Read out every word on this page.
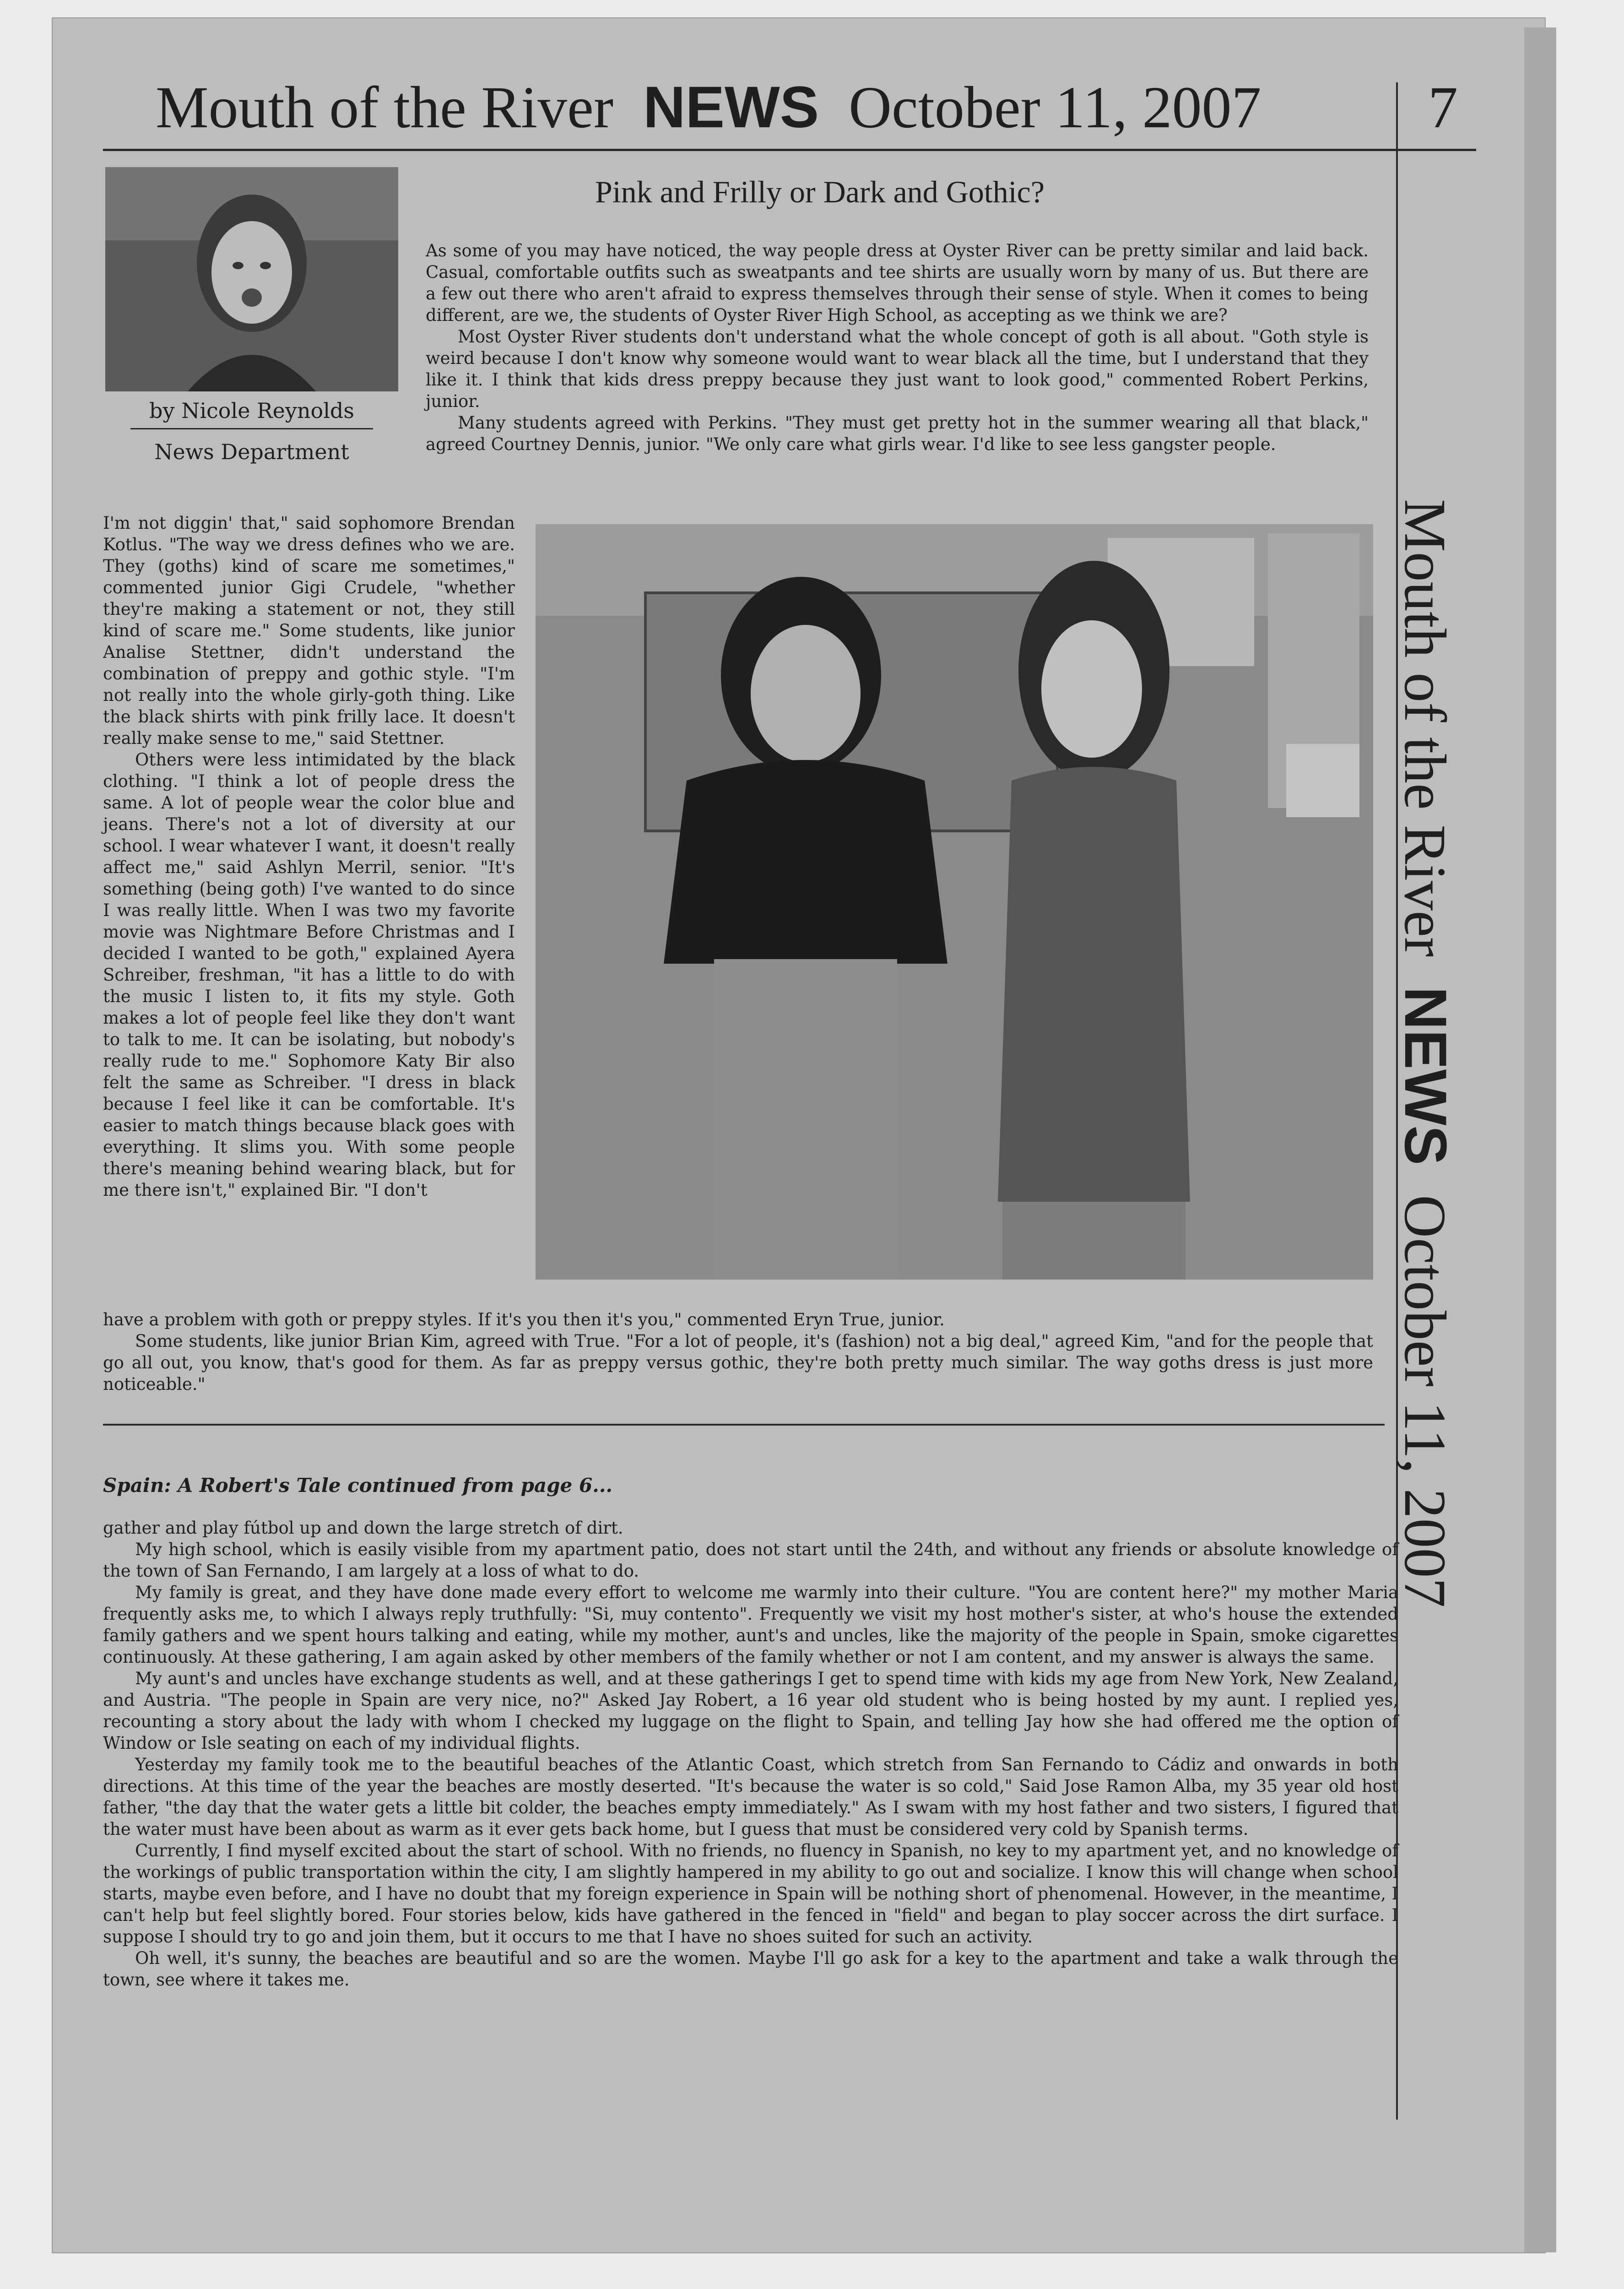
Mouth of the River NEWS October 11, 2007	7
Mouth of the River  NEWS  October 11, 2007
by Nicole Reynolds
News Department
Pink and Frilly or Dark and Gothic?

As some of you may have noticed, the way people dress at Oyster River can be pretty similar and laid back. Casual, comfortable outfits such as sweatpants and tee shirts are usually worn by many of us. But there are a few out there who aren't afraid to express themselves through their sense of style. When it comes to being different, are we, the students of Oyster River High School, as accepting as we think we are?

Most Oyster River students don't understand what the whole concept of goth is all about. "Goth style is weird because I don't know why someone would want to wear black all the time, but I understand that they like it. I think that kids dress preppy because they just want to look good," commented Robert Perkins, junior.

Many students agreed with Perkins. "They must get pretty hot in the summer wearing all that black," agreed Courtney Dennis, junior. "We only care what girls wear. I'd like to see less gangster people.

I'm not diggin' that," said sophomore Brendan Kotlus. "The way we dress defines who we are. They (goths) kind of scare me sometimes," commented junior Gigi Crudele, "whether they're making a statement or not, they still kind of scare me." Some students, like junior Analise Stettner, didn't understand the combination of preppy and gothic style. "I'm not really into the whole girly-goth thing. Like the black shirts with pink frilly lace. It doesn't really make sense to me," said Stettner.

Others were less intimidated by the black clothing. "I think a lot of people dress the same. A lot of people wear the color blue and jeans. There's not a lot of diversity at our school. I wear whatever I want, it doesn't really affect me," said Ashlyn Merril, senior. "It's something (being goth) I've wanted to do since I was really little. When I was two my favorite movie was Nightmare Before Christmas and I decided I wanted to be goth," explained Ayera Schreiber, freshman, "it has a little to do with the music I listen to, it fits my style. Goth makes a lot of people feel like they don't want to talk to me. It can be isolating, but nobody's really rude to me." Sophomore Katy Bir also felt the same as Schreiber. "I dress in black because I feel like it can be comfortable. It's easier to match things because black goes with everything. It slims you. With some people there's meaning behind wearing black, but for me there isn't," explained Bir. "I don't

have a problem with goth or preppy styles. If it's you then it's you," commented Eryn True, junior.

Some students, like junior Brian Kim, agreed with True. "For a lot of people, it's (fashion) not a big deal," agreed Kim, "and for the people that go all out, you know, that's good for them. As far as preppy versus gothic, they're both pretty much similar. The way goths dress is just more noticeable."

Spain: A Robert's Tale continued from page 6...

gather and play fútbol up and down the large stretch of dirt.

My high school, which is easily visible from my apartment patio, does not start until the 24th, and without any friends or absolute knowledge of the town of San Fernando, I am largely at a loss of what to do.

My family is great, and they have done made every effort to welcome me warmly into their culture. "You are content here?" my mother Maria frequently asks me, to which I always reply truthfully: "Si, muy contento". Frequently we visit my host mother's sister, at who's house the extended family gathers and we spent hours talking and eating, while my mother, aunt's and uncles, like the majority of the people in Spain, smoke cigarettes continuously. At these gathering, I am again asked by other members of the family whether or not I am content, and my answer is always the same.

My aunt's and uncles have exchange students as well, and at these gatherings I get to spend time with kids my age from New York, New Zealand, and Austria. "The people in Spain are very nice, no?" Asked Jay Robert, a 16 year old student who is being hosted by my aunt. I replied yes, recounting a story about the lady with whom I checked my luggage on the flight to Spain, and telling Jay how she had offered me the option of Window or Isle seating on each of my individual flights.

Yesterday my family took me to the beautiful beaches of the Atlantic Coast, which stretch from San Fernando to Cádiz and onwards in both directions. At this time of the year the beaches are mostly deserted. "It's because the water is so cold," Said Jose Ramon Alba, my 35 year old host father, "the day that the water gets a little bit colder, the beaches empty immediately." As I swam with my host father and two sisters, I figured that the water must have been about as warm as it ever gets back home, but I guess that must be considered very cold by Spanish terms.

Currently, I find myself excited about the start of school. With no friends, no fluency in Spanish, no key to my apartment yet, and no knowledge of the workings of public transportation within the city, I am slightly hampered in my ability to go out and socialize. I know this will change when school starts, maybe even before, and I have no doubt that my foreign experience in Spain will be nothing short of phenomenal. However, in the meantime, I can't help but feel slightly bored. Four stories below, kids have gathered in the fenced in "field" and began to play soccer across the dirt surface. I suppose I should try to go and join them, but it occurs to me that I have no shoes suited for such an activity.

Oh well, it's sunny, the beaches are beautiful and so are the women. Maybe I'll go ask for a key to the apartment and take a walk through the town, see where it takes me.
